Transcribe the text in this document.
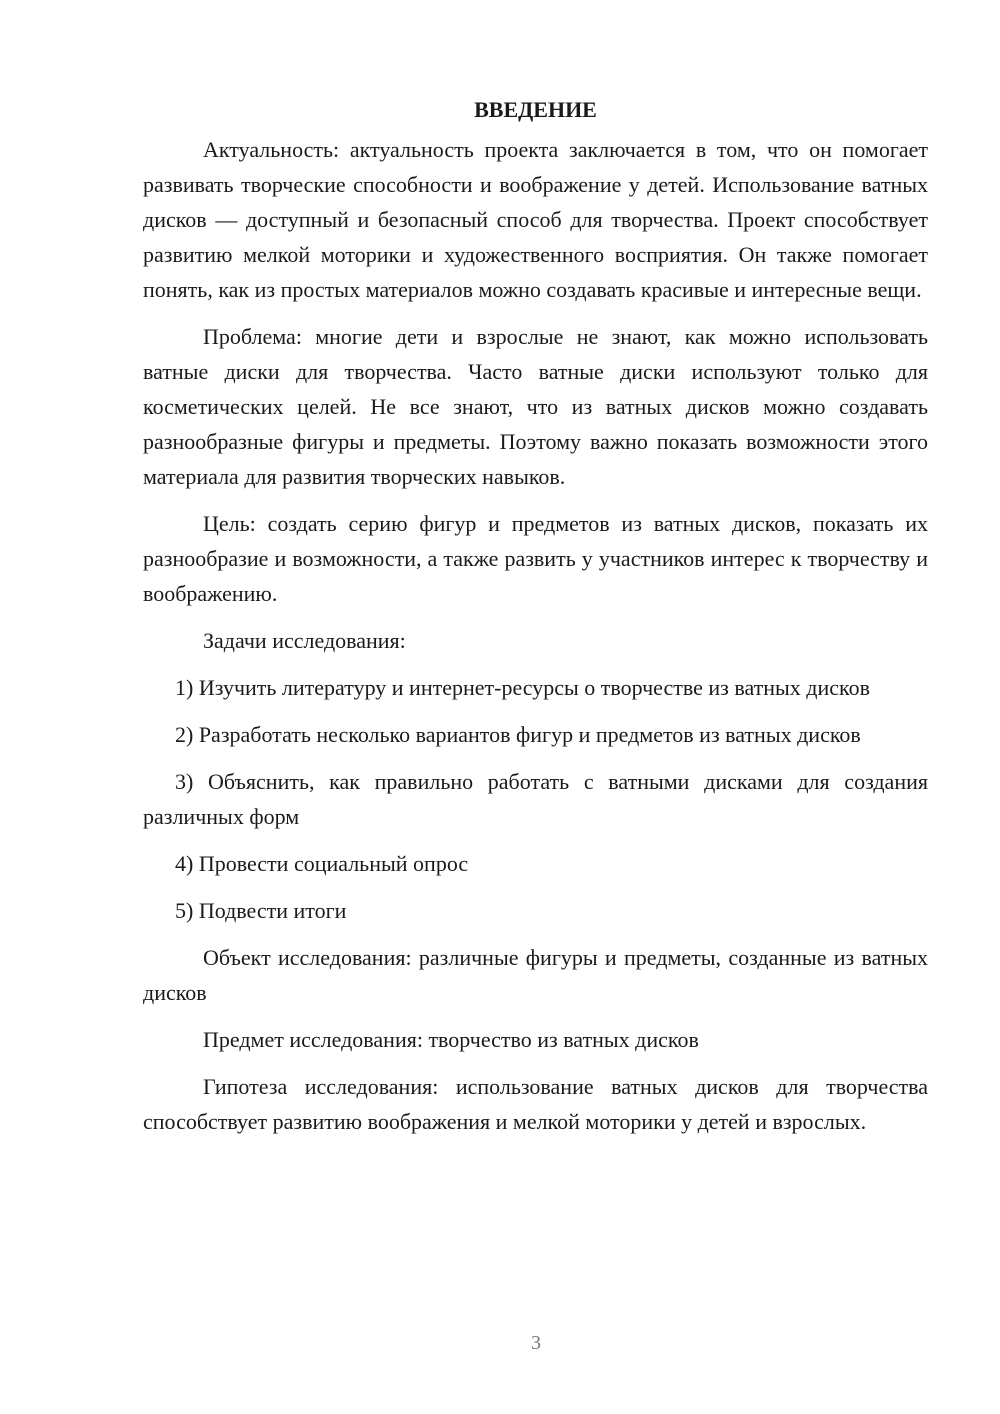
ВВЕДЕНИЕ

Актуальность: актуальность проекта заключается в том, что он помогает развивать творческие способности и воображение у детей. Использование ватных дисков — доступный и безопасный способ для творчества. Проект способствует развитию мелкой моторики и художественного восприятия. Он также помогает понять, как из простых материалов можно создавать красивые и интересные вещи.

Проблема: многие дети и взрослые не знают, как можно использовать ватные диски для творчества. Часто ватные диски используют только для косметических целей. Не все знают, что из ватных дисков можно создавать разнообразные фигуры и предметы. Поэтому важно показать возможности этого материала для развития творческих навыков.

Цель: создать серию фигур и предметов из ватных дисков, показать их разнообразие и возможности, а также развить у участников интерес к творчеству и воображению.

Задачи исследования:

1) Изучить литературу и интернет-ресурсы о творчестве из ватных дисков

2) Разработать несколько вариантов фигур и предметов из ватных дисков

3) Объяснить, как правильно работать с ватными дисками для создания различных форм

4) Провести социальный опрос

5) Подвести итоги

Объект исследования: различные фигуры и предметы, созданные из ватных дисков

Предмет исследования: творчество из ватных дисков

Гипотеза исследования: использование ватных дисков для творчества способствует развитию воображения и мелкой моторики у детей и взрослых.

3
